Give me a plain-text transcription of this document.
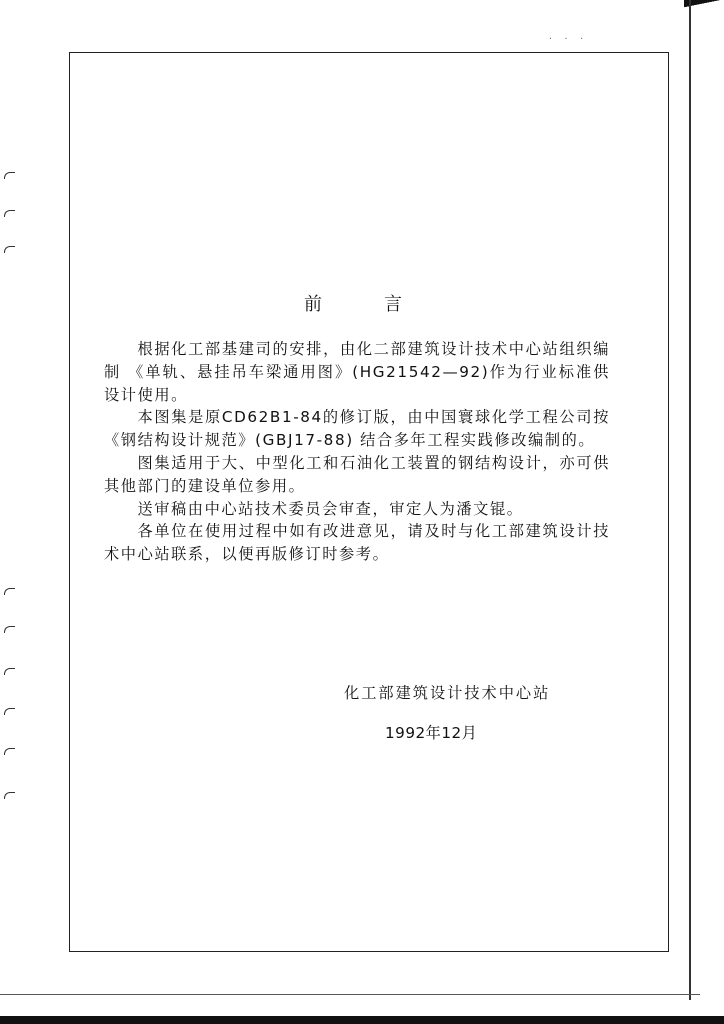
· · ·
前言

根据化工部基建司的安排，由化二部建筑设计技术中心站组织编制 《单轨、悬挂吊车梁通用图》(HG21542—92)作为行业标准供设计使用。

本图集是原CD62B1-84的修订版，由中国寰球化学工程公司按《钢结构设计规范》(GBJ17-88) 结合多年工程实践修改编制的。

图集适用于大、中型化工和石油化工装置的钢结构设计，亦可供其他部门的建设单位参用。

送审稿由中心站技术委员会审查，审定人为潘文锟。

各单位在使用过程中如有改进意见，请及时与化工部建筑设计技术中心站联系，以便再版修订时参考。

化工部建筑设计技术中心站
1992年12月
